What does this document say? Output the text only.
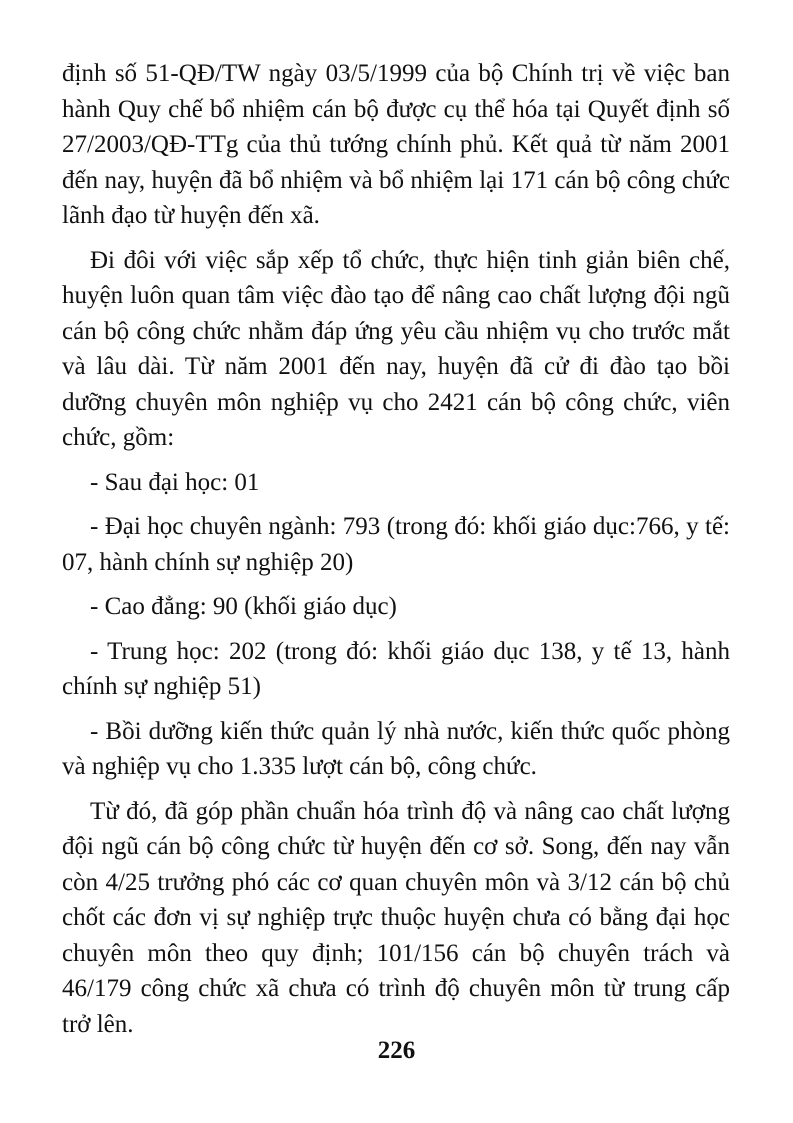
định số 51-QĐ/TW ngày 03/5/1999 của bộ Chính trị về việc ban hành Quy chế bổ nhiệm cán bộ được cụ thể hóa tại Quyết định số 27/2003/QĐ-TTg của thủ tướng chính phủ. Kết quả từ năm 2001 đến nay, huyện đã bổ nhiệm và bổ nhiệm lại 171 cán bộ công chức lãnh đạo từ huyện đến xã.

Đi đôi với việc sắp xếp tổ chức, thực hiện tinh giản biên chế, huyện luôn quan tâm việc đào tạo để nâng cao chất lượng đội ngũ cán bộ công chức nhằm đáp ứng yêu cầu nhiệm vụ cho trước mắt và lâu dài. Từ năm 2001 đến nay, huyện đã cử đi đào tạo bồi dưỡng chuyên môn nghiệp vụ cho 2421 cán bộ công chức, viên chức, gồm:

- Sau đại học: 01

- Đại học chuyên ngành: 793 (trong đó: khối giáo dục:766, y tế: 07, hành chính sự nghiệp 20)

- Cao đẳng: 90 (khối giáo dục)

- Trung học: 202 (trong đó: khối giáo dục 138, y tế 13, hành chính sự nghiệp 51)

- Bồi dưỡng kiến thức quản lý nhà nước, kiến thức quốc phòng và nghiệp vụ cho 1.335 lượt cán bộ, công chức.

Từ đó, đã góp phần chuẩn hóa trình độ và nâng cao chất lượng đội ngũ cán bộ công chức từ huyện đến cơ sở. Song, đến nay vẫn còn 4/25 trưởng phó các cơ quan chuyên môn và 3/12 cán bộ chủ chốt các đơn vị sự nghiệp trực thuộc huyện chưa có bằng đại học chuyên môn theo quy định; 101/156 cán bộ chuyên trách và 46/179 công chức xã chưa có trình độ chuyên môn từ trung cấp trở lên.

226
